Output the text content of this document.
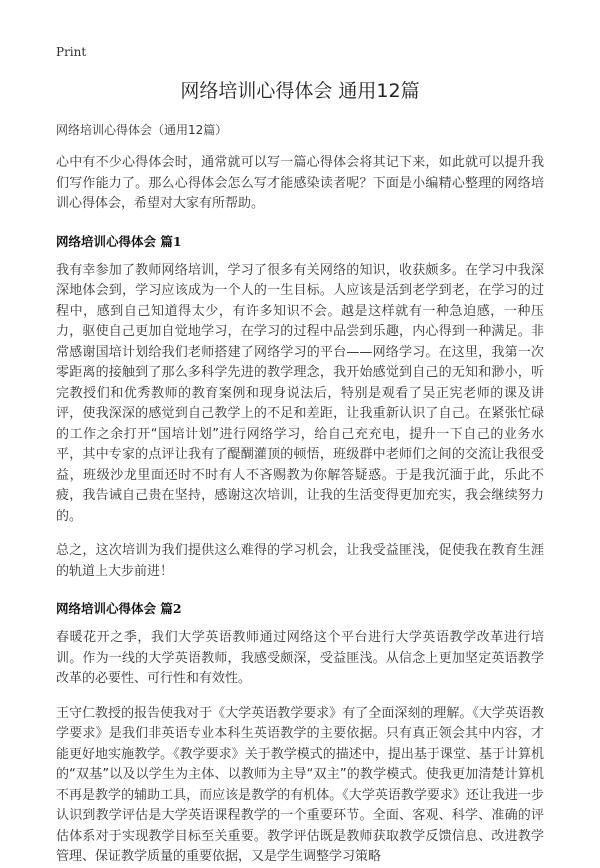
Print
网络培训心得体会 通用12篇

网络培训心得体会（通用12篇）

心中有不少心得体会时，通常就可以写一篇心得体会将其记下来，如此就可以提升我们写作能力了。那么心得体会怎么写才能感染读者呢？下面是小编精心整理的网络培训心得体会，希望对大家有所帮助。

网络培训心得体会 篇1

我有幸参加了教师网络培训，学习了很多有关网络的知识，收获颇多。在学习中我深深地体会到，学习应该成为一个人的一生目标。人应该是活到老学到老，在学习的过程中，感到自己知道得太少，有许多知识不会。越是这样就有一种急迫感，一种压力，驱使自己更加自觉地学习，在学习的过程中品尝到乐趣，内心得到一种满足。非常感谢国培计划给我们老师搭建了网络学习的平台——网络学习。在这里，我第一次零距离的接触到了那么多科学先进的教学理念，我开始感觉到自己的无知和渺小，听完教授们和优秀教师的教育案例和现身说法后，特别是观看了吴正宪老师的课及讲评，使我深深的感觉到自己教学上的不足和差距，让我重新认识了自己。在紧张忙碌的工作之余打开“国培计划”进行网络学习，给自己充充电，提升一下自己的业务水平，其中专家的点评让我有了醍醐灌顶的顿悟，班级群中老师们之间的交流让我很受益，班级沙龙里面还时不时有人不吝赐教为你解答疑惑。于是我沉湎于此，乐此不疲，我告诫自己贵在坚持，感谢这次培训，让我的生活变得更加充实，我会继续努力的。

总之，这次培训为我们提供这么难得的学习机会，让我受益匪浅，促使我在教育生涯的轨道上大步前进！

网络培训心得体会 篇2

春暖花开之季，我们大学英语教师通过网络这个平台进行大学英语教学改革进行培训。作为一线的大学英语教师，我感受颇深，受益匪浅。从信念上更加坚定英语教学改革的必要性、可行性和有效性。

王守仁教授的报告使我对于《大学英语教学要求》有了全面深刻的理解。《大学英语教学要求》是我们非英语专业本科生英语教学的主要依据。只有真正领会其中内容，才能更好地实施教学。《教学要求》关于教学模式的描述中，提出基于课堂、基于计算机的“双基”以及以学生为主体、以教师为主导“双主”的教学模式。使我更加清楚计算机不再是教学的辅助工具，而应该是教学的有机体。《大学英语教学要求》还让我进一步认识到教学评估是大学英语课程教学的一个重要环节。全面、客观、科学、准确的评估体系对于实现教学目标至关重要。教学评估既是教师获取教学反馈信息、改进教学管理、保证教学质量的重要依据，又是学生调整学习策略
